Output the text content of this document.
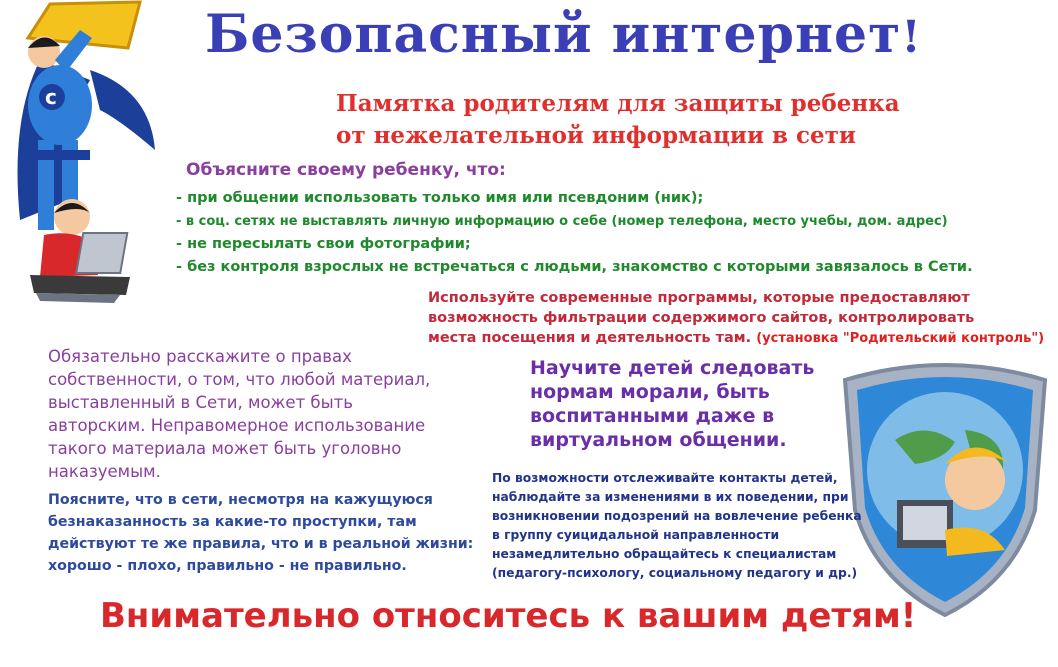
c
Безопасный интернет!
Памятка родителям для защиты ребенка
от нежелательной информации в сети
Объясните своему ребенку, что:
- при общении использовать только имя или псевдоним (ник);
- в соц. сетях не выставлять личную информацию о себе (номер телефона, место учебы, дом. адрес)
- не пересылать свои фотографии;
- без контроля взрослых не встречаться с людьми, знакомство с которыми завязалось в Сети.
Используйте современные программы, которые предоставляют
возможность фильтрации содержимого сайтов, контролировать
места посещения и деятельность там. (установка "Родительский контроль")
Обязательно расскажите о правах собственности, о том, что любой материал, выставленный в Сети, может быть авторским. Неправомерное использование такого материала может быть уголовно наказуемым.
Научите детей следовать нормам морали, быть воспитанными даже в виртуальном общении.
Поясните, что в сети, несмотря на кажущуюся безнаказанность за какие-то проступки, там действуют те же правила, что и в реальной жизни: хорошо - плохо, правильно - не правильно.
По возможности отслеживайте контакты детей, наблюдайте за изменениями в их поведении, при возникновении подозрений на вовлечение ребенка в группу суицидальной направленности незамедлительно обращайтесь к специалистам (педагогу-психологу, социальному педагогу и др.)
Внимательно относитесь к вашим детям!
